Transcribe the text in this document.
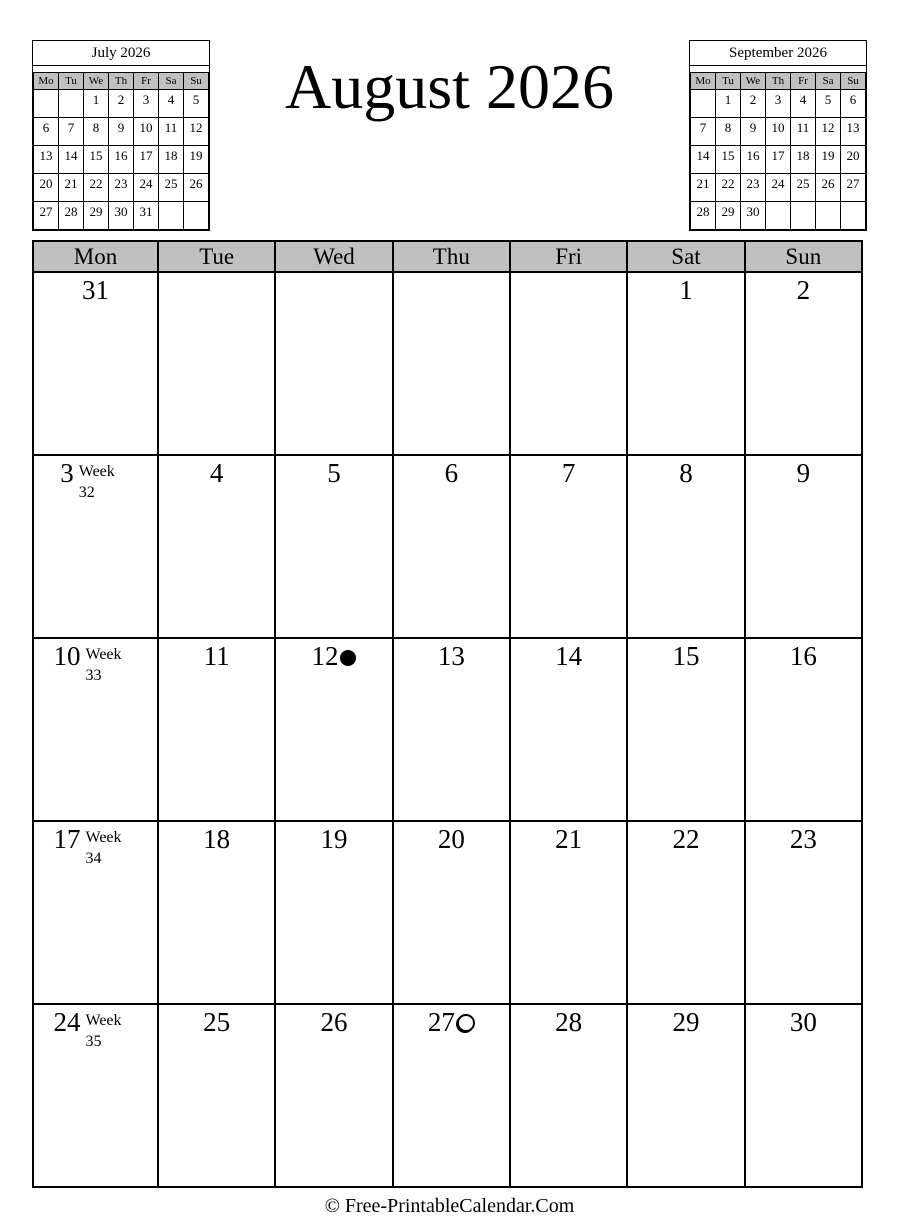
July 2026
Mo	Tu	We	Th	Fr	Sa	Su
		1	2	3	4	5
6	7	8	9	10	11	12
13	14	15	16	17	18	19
20	21	22	23	24	25	26
27	28	29	30	31		
August 2026	September 2026
Mo	Tu	We	Th	Fr	Sa	Su
	1	2	3	4	5	6
7	8	9	10	11	12	13
14	15	16	17	18	19	20
21	22	23	24	25	26	27
28	29	30				
Mon	Tue	Wed	Thu	Fri	Sat	Sun
31					1	2
3 Week 32	4	5	6	7	8	9
10 Week 33	11	12	13	14	15	16
17 Week 34	18	19	20	21	22	23
24 Week 35	25	26	27	28	29	30
© Free-PrintableCalendar.Com
